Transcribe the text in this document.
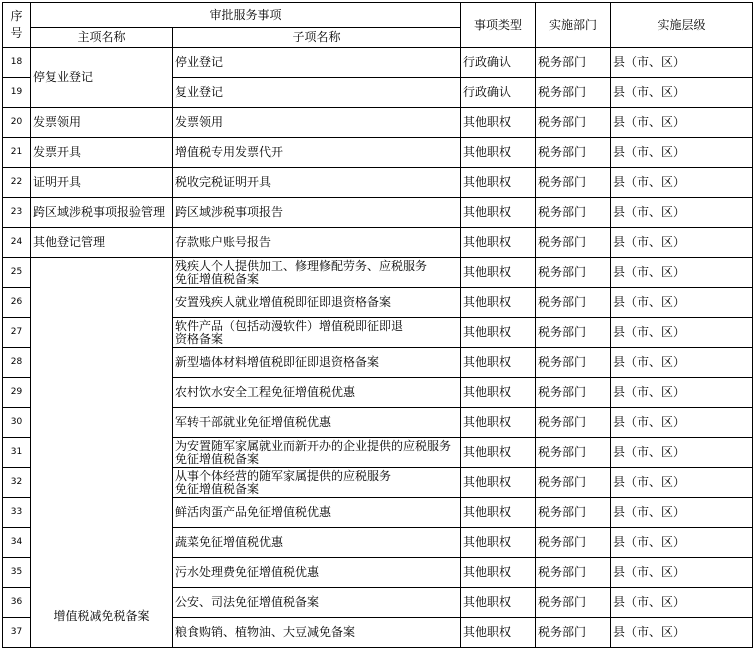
序号	审批服务事项		事项类型	实施部门	实施层级
	主项名称	子项名称			
18	停复业登记	停业登记	行政确认	税务部门	县（市、区）
19		复业登记	行政确认	税务部门	县（市、区）
20	发票领用	发票领用	其他职权	税务部门	县（市、区）
21	发票开具	增值税专用发票代开	其他职权	税务部门	县（市、区）
22	证明开具	税收完税证明开具	其他职权	税务部门	县（市、区）
23	跨区域涉税事项报验管理	跨区域涉税事项报告	其他职权	税务部门	县（市、区）
24	其他登记管理	存款账户账号报告	其他职权	税务部门	县（市、区）
25	增值税减免税备案	残疾人个人提供加工、修理修配劳务、应税服务
免征增值税备案	其他职权	税务部门	县（市、区）
26		安置残疾人就业增值税即征即退资格备案	其他职权	税务部门	县（市、区）
27		软件产品（包括动漫软件）增值税即征即退
资格备案	其他职权	税务部门	县（市、区）
28		新型墙体材料增值税即征即退资格备案	其他职权	税务部门	县（市、区）
29		农村饮水安全工程免征增值税优惠	其他职权	税务部门	县（市、区）
30		军转干部就业免征增值税优惠	其他职权	税务部门	县（市、区）
31		为安置随军家属就业而新开办的企业提供的应税服务
免征增值税备案	其他职权	税务部门	县（市、区）
32		从事个体经营的随军家属提供的应税服务
免征增值税备案	其他职权	税务部门	县（市、区）
33		鲜活肉蛋产品免征增值税优惠	其他职权	税务部门	县（市、区）
34		蔬菜免征增值税优惠	其他职权	税务部门	县（市、区）
35		污水处理费免征增值税优惠	其他职权	税务部门	县（市、区）
36		公安、司法免征增值税备案	其他职权	税务部门	县（市、区）
37		粮食购销、植物油、大豆减免备案	其他职权	税务部门	县（市、区）
